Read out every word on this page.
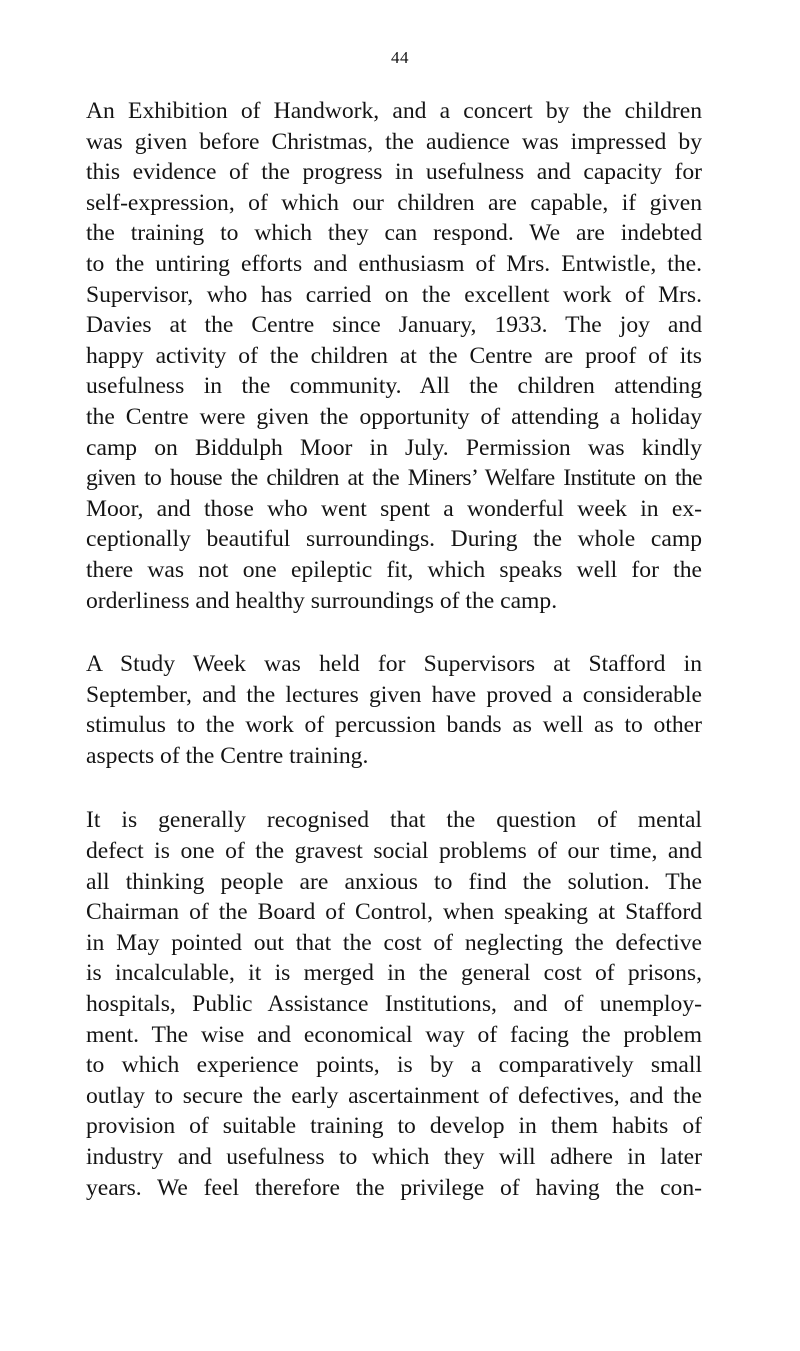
44

An Exhibition of Handwork, and a concert by the children
was given before Christmas, the audience was impressed by
this evidence of the progress in usefulness and capacity for
self-expression, of which our children are capable, if given
the training to which they can respond. We are indebted
to the untiring efforts and enthusiasm of Mrs. Entwistle, the.
Supervisor, who has carried on the excellent work of Mrs.
Davies at the Centre since January, 1933. The joy and
happy activity of the children at the Centre are proof of its
usefulness in the community. All the children attending
the Centre were given the opportunity of attending a holiday
camp on Biddulph Moor in July. Permission was kindly
given to house the children at the Miners’ Welfare Institute on the
Moor, and those who went spent a wonderful week in ex-
ceptionally beautiful surroundings. During the whole camp
there was not one epileptic fit, which speaks well for the
orderliness and healthy surroundings of the camp.

A Study Week was held for Supervisors at Stafford in
September, and the lectures given have proved a considerable
stimulus to the work of percussion bands as well as to other
aspects of the Centre training.

It is generally recognised that the question of mental
defect is one of the gravest social problems of our time, and
all thinking people are anxious to find the solution. The
Chairman of the Board of Control, when speaking at Stafford
in May pointed out that the cost of neglecting the defective
is incalculable, it is merged in the general cost of prisons,
hospitals, Public Assistance Institutions, and of unemploy-
ment. The wise and economical way of facing the problem
to which experience points, is by a comparatively small
outlay to secure the early ascertainment of defectives, and the
provision of suitable training to develop in them habits of
industry and usefulness to which they will adhere in later
years. We feel therefore the privilege of having the con-
